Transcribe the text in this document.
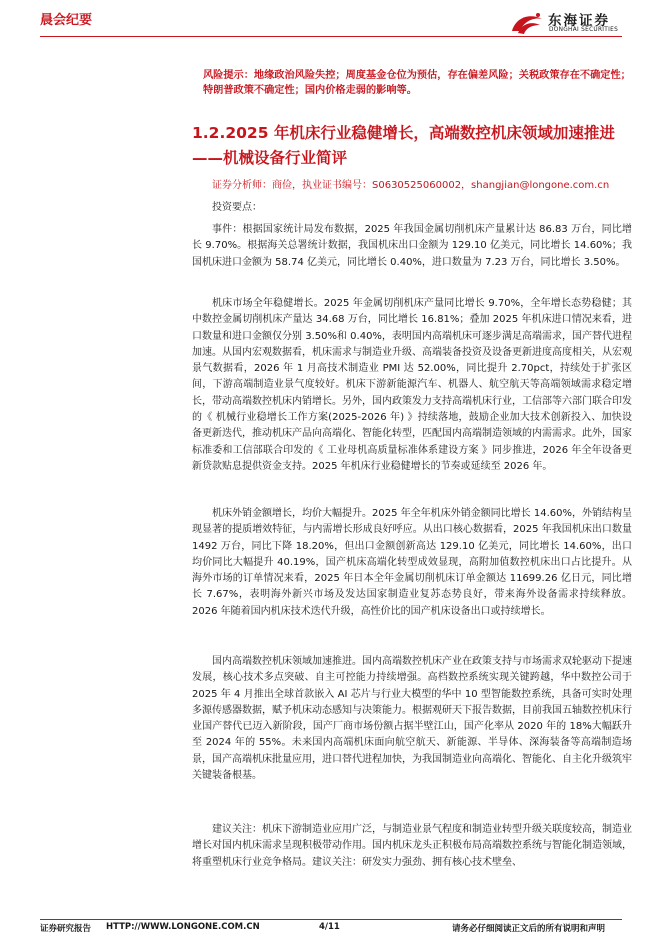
晨会纪要	东海证券
DONGHAI SECURITIES
风险提示：地缘政治风险失控；周度基金仓位为预估，存在偏差风险；关税政策存在不确定性；特朗普政策不确定性；国内价格走弱的影响等。
1.2.2025 年机床行业稳健增长，高端数控机床领域加速推进——机械设备行业简评
证券分析师：商俭，执业证书编号：S0630525060002，shangjian@longone.com.cn
投资要点：
事件：根据国家统计局发布数据，2025 年我国金属切削机床产量累计达 86.83 万台，同比增长 9.70%。根据海关总署统计数据，我国机床出口金额为 129.10 亿美元，同比增长 14.60%；我国机床进口金额为 58.74 亿美元，同比增长 0.40%，进口数量为 7.23 万台，同比增长 3.50%。
机床市场全年稳健增长。2025 年金属切削机床产量同比增长 9.70%，全年增长态势稳健；其中数控金属切削机床产量达 34.68 万台，同比增长 16.81%；叠加 2025 年机床进口情况来看，进口数量和进口金额仅分别 3.50%和 0.40%，表明国内高端机床可逐步满足高端需求，国产替代进程加速。从国内宏观数据看，机床需求与制造业升级、高端装备投资及设备更新进度高度相关，从宏观景气数据看，2026 年 1 月高技术制造业 PMI 达 52.00%，同比提升 2.70pct，持续处于扩张区间，下游高端制造业景气度较好。机床下游新能源汽车、机器人、航空航天等高端领域需求稳定增长，带动高端数控机床内销增长。另外，国内政策发力支持高端机床行业，工信部等六部门联合印发的《 机械行业稳增长工作方案(2025-2026 年) 》持续落地，鼓励企业加大技术创新投入、加快设备更新迭代，推动机床产品向高端化、智能化转型，匹配国内高端制造领域的内需需求。此外，国家标准委和工信部联合印发的《 工业母机高质量标准体系建设方案 》同步推进，2026 年全年设备更新贷款贴息提供资金支持。2025 年机床行业稳健增长的节奏或延续至 2026 年。
机床外销金额增长，均价大幅提升。2025 年全年机床外销金额同比增长 14.60%，外销结构呈现显著的提质增效特征，与内需增长形成良好呼应。从出口核心数据看，2025 年我国机床出口数量 1492 万台，同比下降 18.20%，但出口金额创新高达 129.10 亿美元，同比增长 14.60%，出口均价同比大幅提升 40.19%，国产机床高端化转型成效显现，高附加值数控机床出口占比提升。从海外市场的订单情况来看，2025 年日本全年金属切削机床订单金额达 11699.26 亿日元，同比增长 7.67%，表明海外新兴市场及发达国家制造业复苏态势良好，带来海外设备需求持续释放。2026 年随着国内机床技术迭代升级，高性价比的国产机床设备出口或持续增长。
国内高端数控机床领域加速推进。国内高端数控机床产业在政策支持与市场需求双轮驱动下提速发展，核心技术多点突破、自主可控能力持续增强。高档数控系统实现关键跨越，华中数控公司于 2025 年 4 月推出全球首款嵌入 AI 芯片与行业大模型的华中 10 型智能数控系统，具备可实时处理多源传感器数据，赋予机床动态感知与决策能力。根据观研天下报告数据，目前我国五轴数控机床行业国产替代已迈入新阶段，国产厂商市场份额占据半壁江山，国产化率从 2020 年的 18%大幅跃升至 2024 年的 55%。未来国内高端机床面向航空航天、新能源、半导体、深海装备等高端制造场景，国产高端机床批量应用，进口替代进程加快，为我国制造业向高端化、智能化、自主化升级筑牢关键装备根基。
建议关注：机床下游制造业应用广泛，与制造业景气程度和制造业转型升级关联度较高，制造业增长对国内机床需求呈现积极带动作用。国内机床龙头正积极布局高端数控系统与智能化制造领域，将重塑机床行业竞争格局。建议关注：研发实力强劲、拥有核心技术壁垒、
证券研究报告 HTTP://WWW.LONGONE.COM.CN	4/11	请务必仔细阅读正文后的所有说明和声明
